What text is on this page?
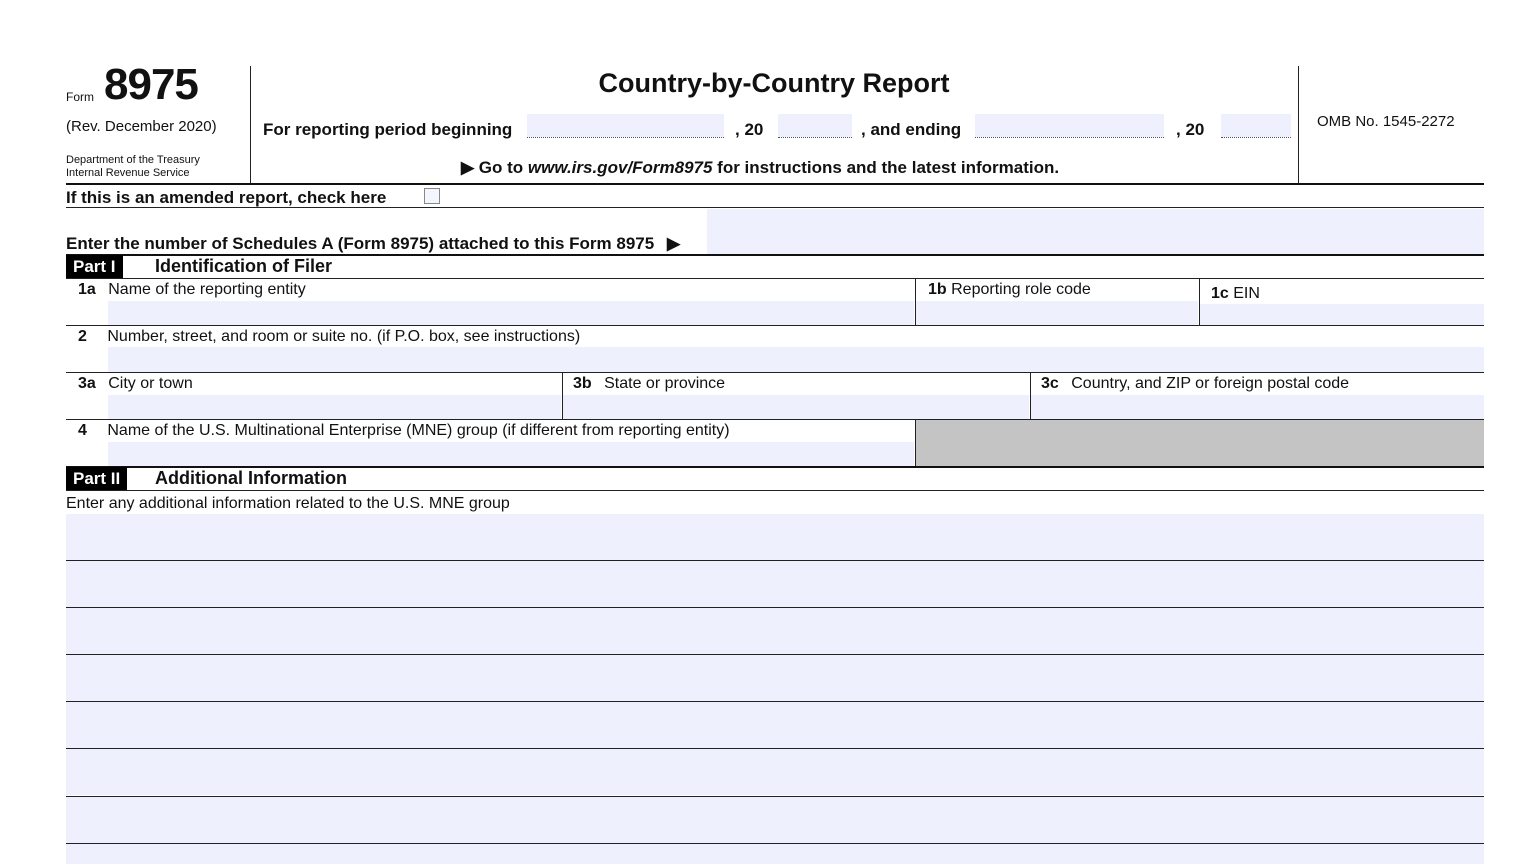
Form 8975
(Rev. December 2020)
Department of the Treasury
Internal Revenue Service
Country-by-Country Report
For reporting period beginning	, 20	, and ending	, 20
▶ Go to www.irs.gov/Form8975 for instructions and the latest information.
OMB No. 1545-2272
If this is an amended report, check here
Enter the number of Schedules A (Form 8975) attached to this Form 8975 ▶
Part I	Identification of Filer
1a Name of the reporting entity	1b Reporting role code	1c EIN
2 Number, street, and room or suite no. (if P.O. box, see instructions)
3a City or town	3b State or province	3c Country, and ZIP or foreign postal code
4 Name of the U.S. Multinational Enterprise (MNE) group (if different from reporting entity)
Part II	Additional Information
Enter any additional information related to the U.S. MNE group
